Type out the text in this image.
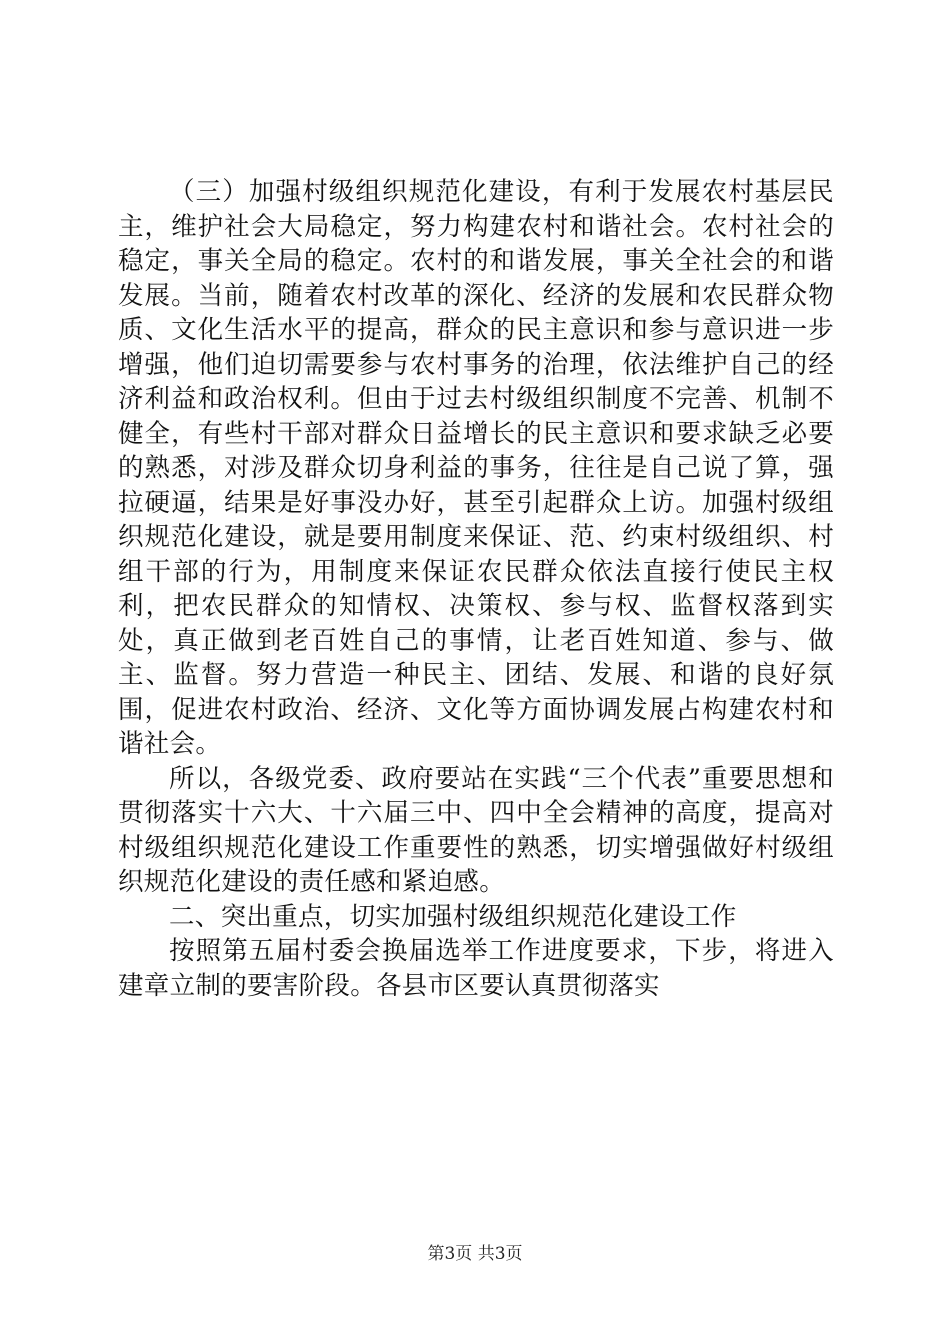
（三）加强村级组织规范化建设，有利于发展农村基层民主，维护社会大局稳定，努力构建农村和谐社会。农村社会的稳定，事关全局的稳定。农村的和谐发展，事关全社会的和谐发展。当前，随着农村改革的深化、经济的发展和农民群众物质、文化生活水平的提高，群众的民主意识和参与意识进一步增强，他们迫切需要参与农村事务的治理，依法维护自己的经济利益和政治权利。但由于过去村级组织制度不完善、机制不健全，有些村干部对群众日益增长的民主意识和要求缺乏必要的熟悉，对涉及群众切身利益的事务，往往是自己说了算，强拉硬逼，结果是好事没办好，甚至引起群众上访。加强村级组织规范化建设，就是要用制度来保证、范、约束村级组织、村组干部的行为，用制度来保证农民群众依法直接行使民主权利，把农民群众的知情权、决策权、参与权、监督权落到实处，真正做到老百姓自己的事情，让老百姓知道、参与、做主、监督。努力营造一种民主、团结、发展、和谐的良好氛围，促进农村政治、经济、文化等方面协调发展占构建农村和谐社会。

所以，各级党委、政府要站在实践“三个代表”重要思想和贯彻落实十六大、十六届三中、四中全会精神的高度，提高对村级组织规范化建设工作重要性的熟悉，切实增强做好村级组织规范化建设的责任感和紧迫感。

二、突出重点，切实加强村级组织规范化建设工作

按照第五届村委会换届选举工作进度要求，下步，将进入建章立制的要害阶段。各县市区要认真贯彻落实

第3页 共3页
